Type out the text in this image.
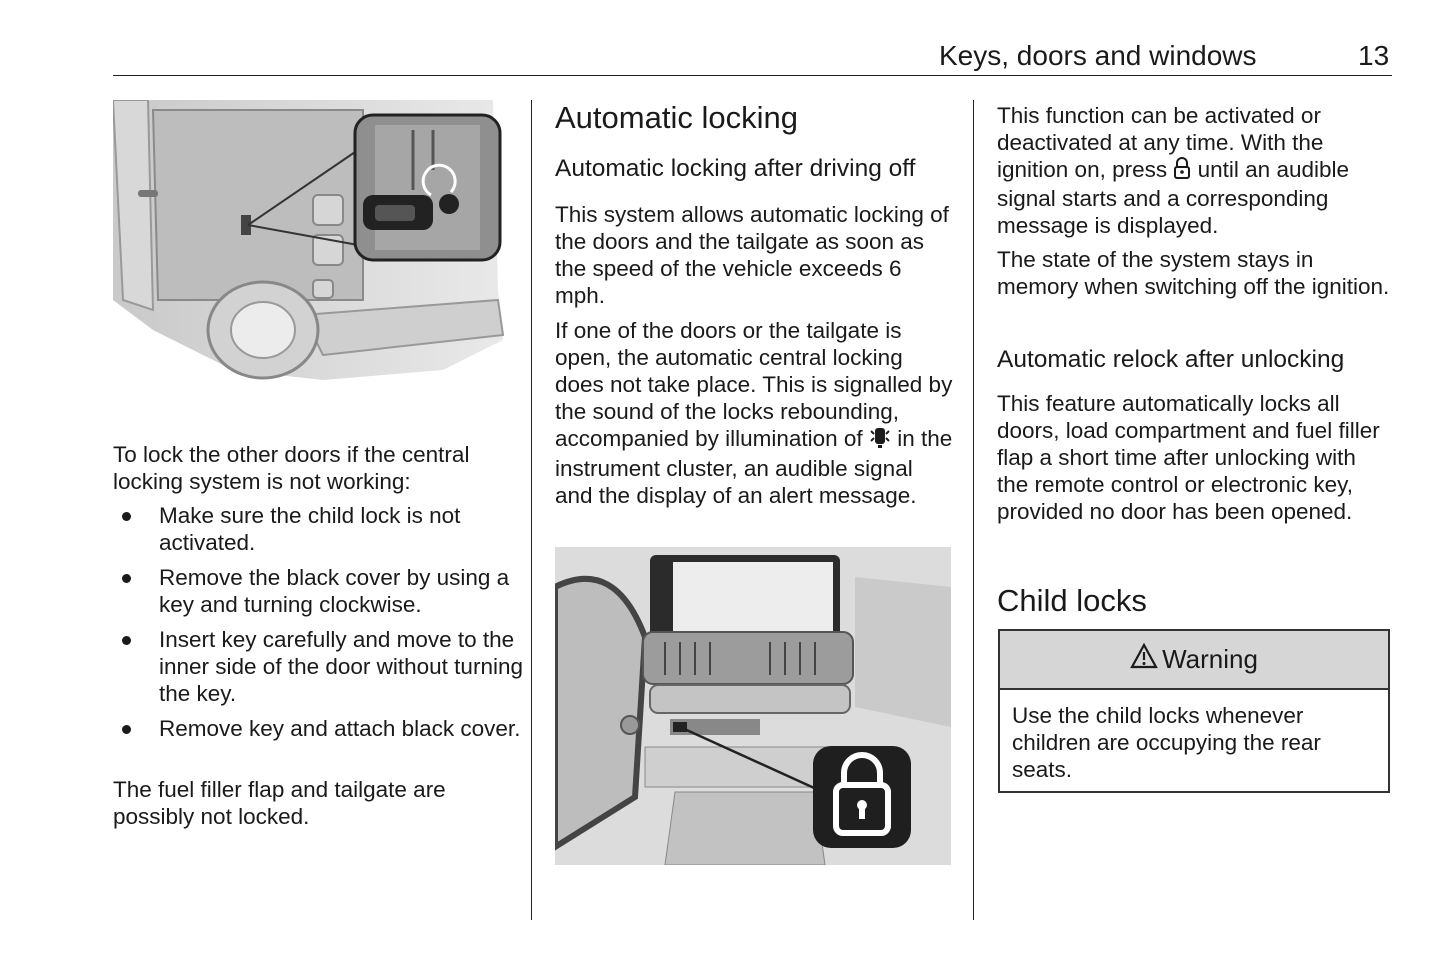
Keys, doors and windows	13

To lock the other doors if the central locking system is not working:

Make sure the child lock is not activated.
Remove the black cover by using a key and turning clockwise.
Insert key carefully and move to the inner side of the door without turning the key.
Remove key and attach black cover.

The fuel filler flap and tailgate are possibly not locked.

Automatic locking
Automatic locking after driving off

This system allows automatic locking of the doors and the tailgate as soon as the speed of the vehicle exceeds 6 mph.

If one of the doors or the tailgate is open, the automatic central locking does not take place. This is signalled by the sound of the locks rebounding, accompanied by illumination of in the instrument cluster, an audible signal and the display of an alert message.

This function can be activated or deactivated at any time. With the ignition on, press until an audible signal starts and a corresponding message is displayed.

The state of the system stays in memory when switching off the ignition.

Automatic relock after unlocking

This feature automatically locks all doors, load compartment and fuel filler flap a short time after unlocking with the remote control or electronic key, provided no door has been opened.

Child locks
Warning
Use the child locks whenever children are occupying the rear seats.
